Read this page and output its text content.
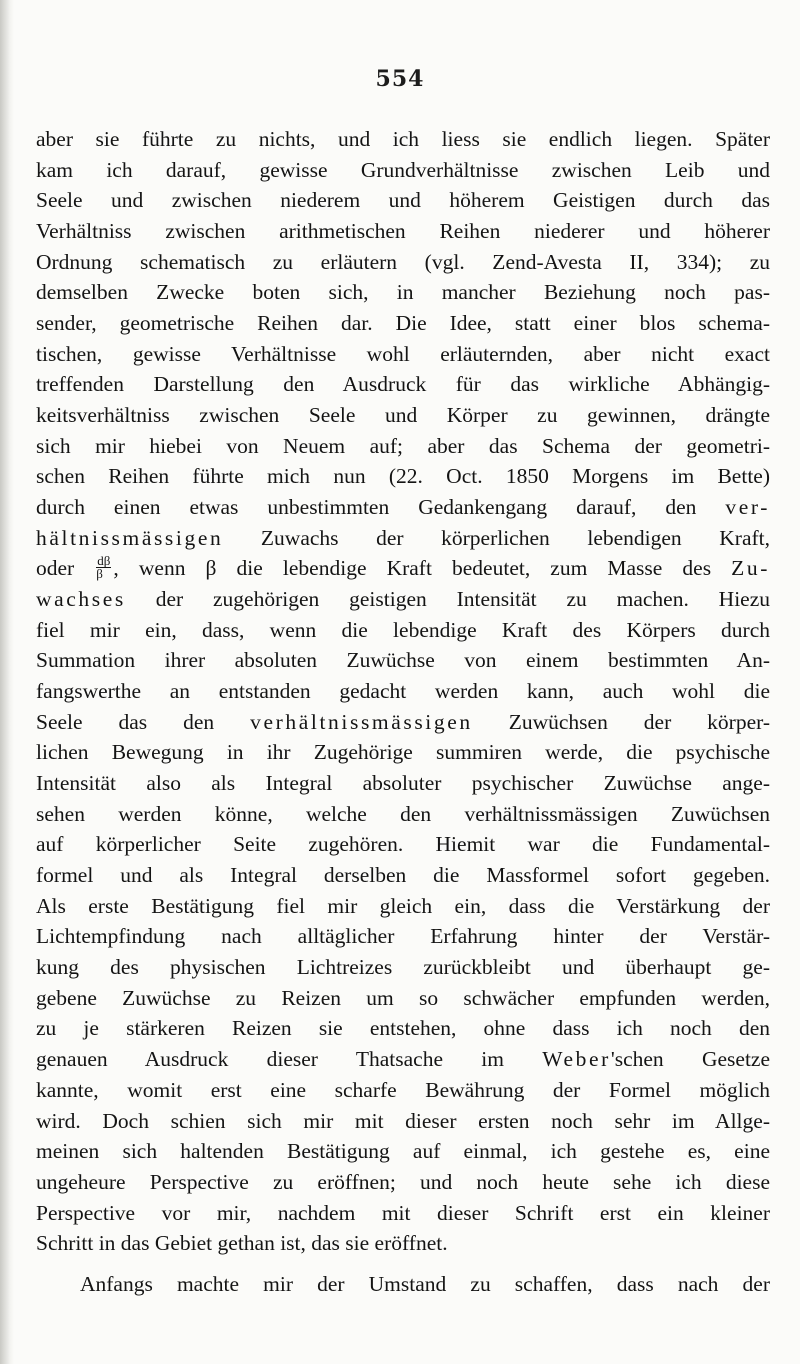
554
aber sie führte zu nichts, und ich liess sie endlich liegen. Später
kam ich darauf, gewisse Grundverhältnisse zwischen Leib und
Seele und zwischen niederem und höherem Geistigen durch das
Verhältniss zwischen arithmetischen Reihen niederer und höherer
Ordnung schematisch zu erläutern (vgl. Zend-Avesta II, 334); zu
demselben Zwecke boten sich, in mancher Beziehung noch pas-
sender, geometrische Reihen dar. Die Idee, statt einer blos schema-
tischen, gewisse Verhältnisse wohl erläuternden, aber nicht exact
treffenden Darstellung den Ausdruck für das wirkliche Abhängig-
keitsverhältniss zwischen Seele und Körper zu gewinnen, drängte
sich mir hiebei von Neuem auf; aber das Schema der geometri-
schen Reihen führte mich nun (22. Oct. 1850 Morgens im Bette)
durch einen etwas unbestimmten Gedankengang darauf, den ver-
hältnissmässigen Zuwachs der körperlichen lebendigen Kraft,
oder $\frac{d\beta}{\beta}$ , wenn β die lebendige Kraft bedeutet, zum Masse des Zu-
wachses der zugehörigen geistigen Intensität zu machen. Hiezu
fiel mir ein, dass, wenn die lebendige Kraft des Körpers durch
Summation ihrer absoluten Zuwüchse von einem bestimmten An-
fangswerthe an entstanden gedacht werden kann, auch wohl die
Seele das den verhältnissmässigen Zuwüchsen der körper-
lichen Bewegung in ihr Zugehörige summiren werde, die psychische
Intensität also als Integral absoluter psychischer Zuwüchse ange-
sehen werden könne, welche den verhältnissmässigen Zuwüchsen
auf körperlicher Seite zugehören. Hiemit war die Fundamental-
formel und als Integral derselben die Massformel sofort gegeben.
Als erste Bestätigung fiel mir gleich ein, dass die Verstärkung der
Lichtempfindung nach alltäglicher Erfahrung hinter der Verstär-
kung des physischen Lichtreizes zurückbleibt und überhaupt ge-
gebene Zuwüchse zu Reizen um so schwächer empfunden werden,
zu je stärkeren Reizen sie entstehen, ohne dass ich noch den
genauen Ausdruck dieser Thatsache im Weber'schen Gesetze
kannte, womit erst eine scharfe Bewährung der Formel möglich
wird. Doch schien sich mir mit dieser ersten noch sehr im Allge-
meinen sich haltenden Bestätigung auf einmal, ich gestehe es, eine
ungeheure Perspective zu eröffnen; und noch heute sehe ich diese
Perspective vor mir, nachdem mit dieser Schrift erst ein kleiner
Schritt in das Gebiet gethan ist, das sie eröffnet.
Anfangs machte mir der Umstand zu schaffen, dass nach der
